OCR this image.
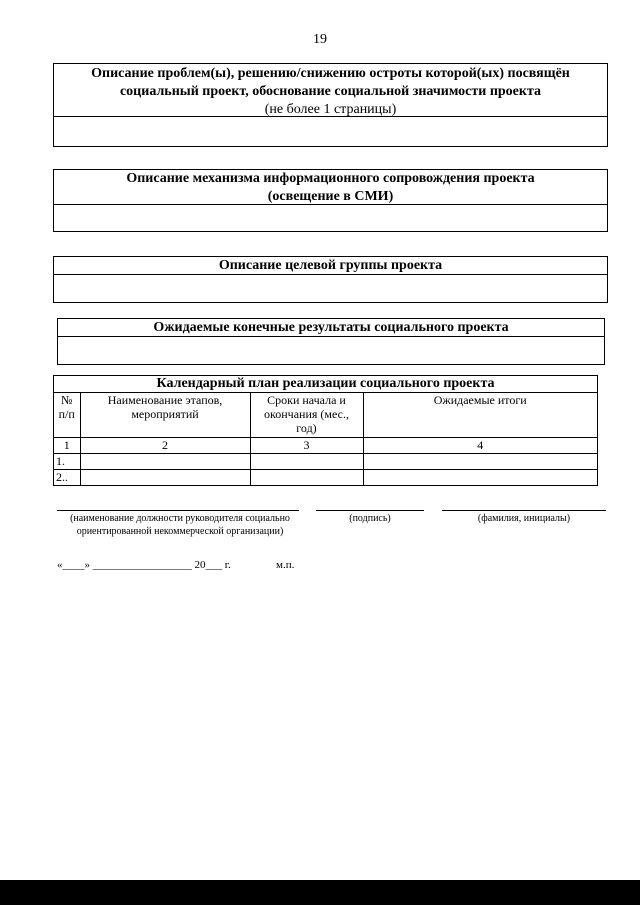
19
Описание проблем(ы), решению/снижению остроты которой(ых) посвящён
социальный проект, обоснование социальной значимости проекта
(не более 1 страницы)
Описание механизма информационного сопровождения проекта
(освещение в СМИ)
Описание целевой группы проекта
Ожидаемые конечные результаты социального проекта
Календарный план реализации социального проекта
№ п/п	Наименование этапов, мероприятий	Сроки начала и окончания (мес., год)	Ожидаемые итоги
1	2	3	4
1.			
2..			
(наименование должности руководителя социально
ориентированной некоммерческой организации)
(подпись)	(фамилия, инициалы)
«____» __________________ 20___ г.	м.п.
